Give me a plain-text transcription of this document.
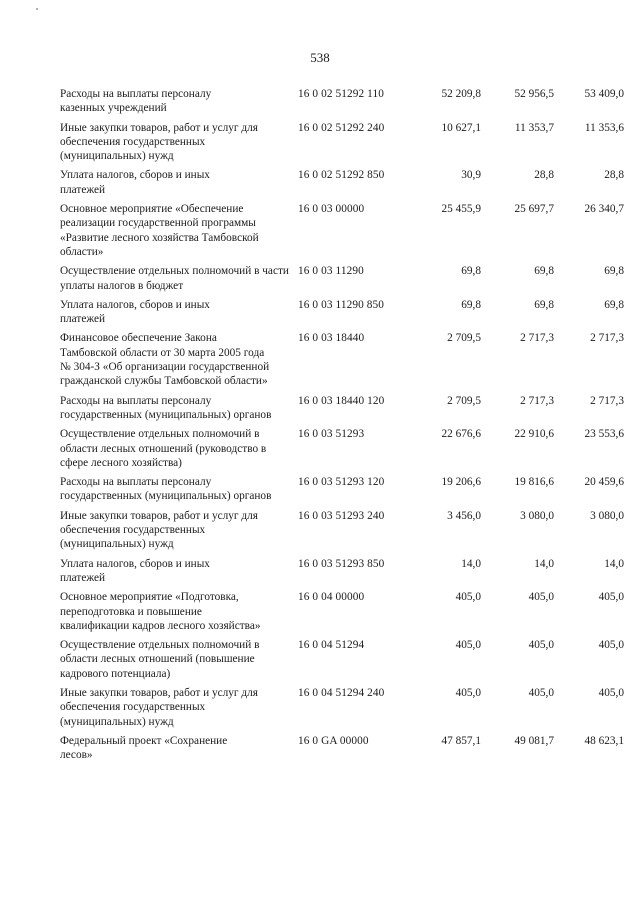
538
Расходы на выплаты персоналу казенных учреждений
16 0 02 51292 110	52 209,8	52 956,5	53 409,0
Иные закупки товаров, работ и услуг для обеспечения государственных (муниципальных) нужд
16 0 02 51292 240	10 627,1	11 353,7	11 353,6
Уплата налогов, сборов и иных платежей
16 0 02 51292 850	30,9	28,8	28,8
Основное мероприятие «Обеспечение реализации государственной программы «Развитие лесного хозяйства Тамбовской области»
16 0 03 00000	25 455,9	25 697,7	26 340,7
Осуществление отдельных полномочий в части уплаты налогов в бюджет
16 0 03 11290	69,8	69,8	69,8
Уплата налогов, сборов и иных платежей
16 0 03 11290 850	69,8	69,8	69,8
Финансовое обеспечение Закона Тамбовской области от 30 марта 2005 года № 304-З «Об организации государственной гражданской службы Тамбовской области»
16 0 03 18440	2 709,5	2 717,3	2 717,3
Расходы на выплаты персоналу государственных (муниципальных) органов
16 0 03 18440 120	2 709,5	2 717,3	2 717,3
Осуществление отдельных полномочий в области лесных отношений (руководство в сфере лесного хозяйства)
16 0 03 51293	22 676,6	22 910,6	23 553,6
Расходы на выплаты персоналу государственных (муниципальных) органов
16 0 03 51293 120	19 206,6	19 816,6	20 459,6
Иные закупки товаров, работ и услуг для обеспечения государственных (муниципальных) нужд
16 0 03 51293 240	3 456,0	3 080,0	3 080,0
Уплата налогов, сборов и иных платежей
16 0 03 51293 850	14,0	14,0	14,0
Основное мероприятие «Подготовка, переподготовка и повышение квалификации кадров лесного хозяйства»
16 0 04 00000	405,0	405,0	405,0
Осуществление отдельных полномочий в области лесных отношений (повышение кадрового потенциала)
16 0 04 51294	405,0	405,0	405,0
Иные закупки товаров, работ и услуг для обеспечения государственных (муниципальных) нужд
16 0 04 51294 240	405,0	405,0	405,0
Федеральный проект «Сохранение лесов»
16 0 GA 00000	47 857,1	49 081,7	48 623,1
